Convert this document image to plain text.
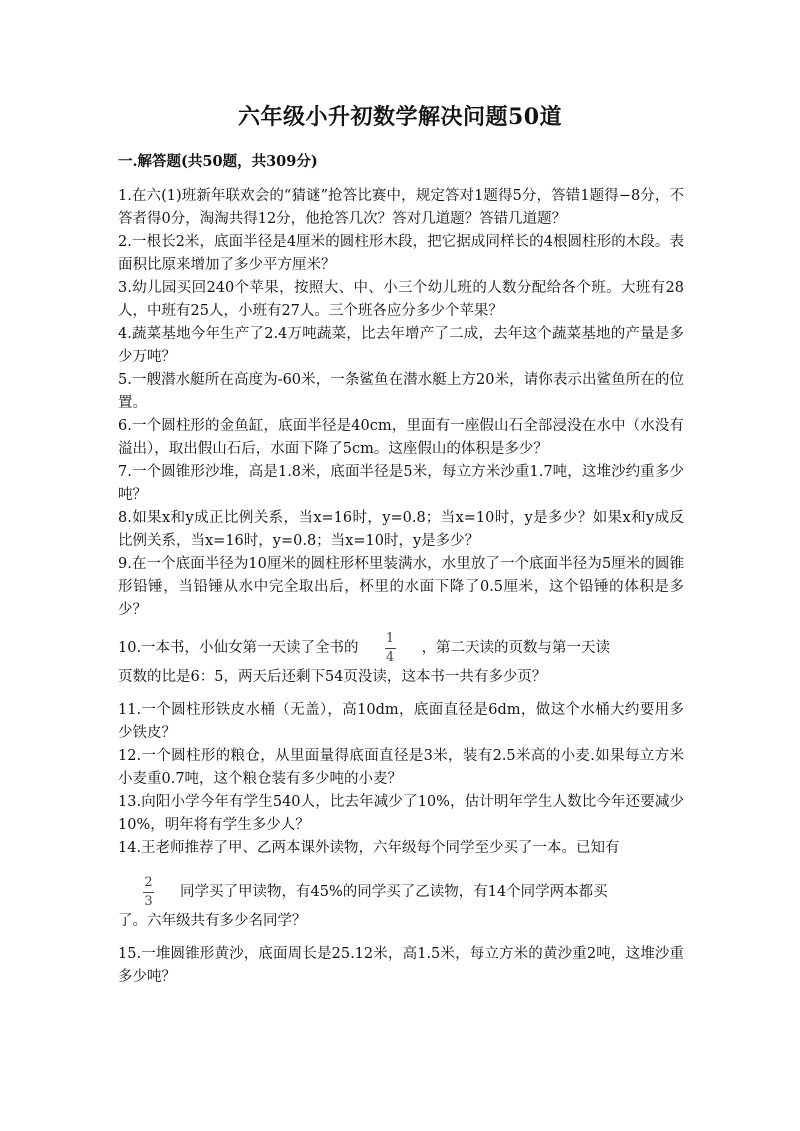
六年级小升初数学解决问题50道
一.解答题(共50题，共309分)

1.在六(1)班新年联欢会的“猜谜”抢答比赛中，规定答对1题得5分，答错1题得−8分，不答者得0分，淘淘共得12分，他抢答几次？答对几道题？答错几道题？

2.一根长2米，底面半径是4厘米的圆柱形木段，把它据成同样长的4根圆柱形的木段。表面积比原来增加了多少平方厘米？

3.幼儿园买回240个苹果，按照大、中、小三个幼儿班的人数分配给各个班。大班有28人，中班有25人，小班有27人。三个班各应分多少个苹果？

4.蔬菜基地今年生产了2.4万吨蔬菜，比去年增产了二成，去年这个蔬菜基地的产量是多少万吨？

5.一艘潜水艇所在高度为-60米，一条鲨鱼在潜水艇上方20米，请你表示出鲨鱼所在的位置。

6.一个圆柱形的金鱼缸，底面半径是40cm，里面有一座假山石全部浸没在水中（水没有溢出），取出假山石后，水面下降了5cm。这座假山的体积是多少？

7.一个圆锥形沙堆，高是1.8米，底面半径是5米，每立方米沙重1.7吨，这堆沙约重多少吨？

8.如果x和y成正比例关系，当x=16时，y=0.8；当x=10时，y是多少？如果x和y成反比例关系，当x=16时，y=0.8；当x=10时，y是多少？

9.在一个底面半径为10厘米的圆柱形杯里装满水，水里放了一个底面半径为5厘米的圆锥形铅锤，当铅锤从水中完全取出后，杯里的水面下降了0.5厘米，这个铅锤的体积是多少？

10.一本书，小仙女第一天读了全书的 $\frac{1}{4}$ ，第二天读的页数与第一天读

页数的比是6：5，两天后还剩下54页没读，这本书一共有多少页？

11.一个圆柱形铁皮水桶（无盖），高10dm，底面直径是6dm，做这个水桶大约要用多少铁皮？

12.一个圆柱形的粮仓，从里面量得底面直径是3米，装有2.5米高的小麦.如果每立方米小麦重0.7吨，这个粮仓装有多少吨的小麦？

13.向阳小学今年有学生540人，比去年减少了10%，估计明年学生人数比今年还要减少10%，明年将有学生多少人？

14.王老师推荐了甲、乙两本课外读物，六年级每个同学至少买了一本。已知有

$\frac{2}{3}$ 同学买了甲读物，有45%的同学买了乙读物，有14个同学两本都买

了。六年级共有多少名同学？

15.一堆圆锥形黄沙，底面周长是25.12米，高1.5米，每立方米的黄沙重2吨，这堆沙重多少吨？
